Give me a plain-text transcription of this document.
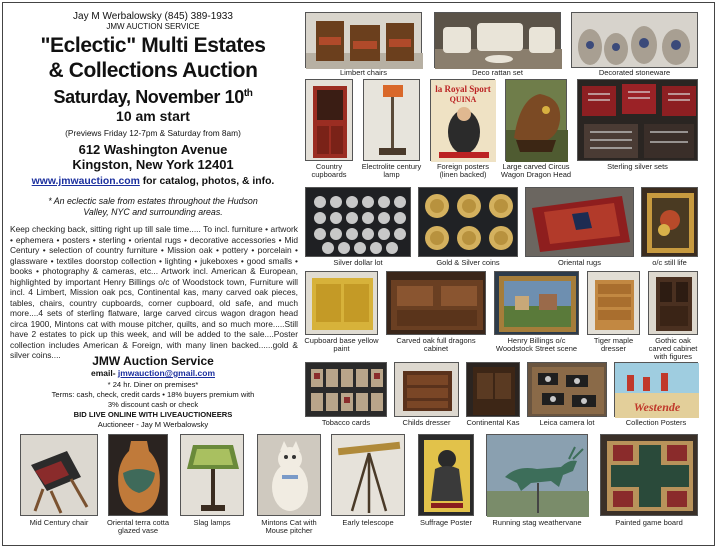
Jay M Werbalowsky (845) 389-1933
JMW AUCTION SERVICE
"Eclectic" Multi Estates
& Collections Auction
Saturday, November 10th
10 am start
(Previews Friday 12-7pm & Saturday from 8am)
612 Washington Avenue
Kingston, New York 12401
www.jmwauction.com for catalog, photos, & info.
* An eclectic sale from estates throughout the Hudson
Valley, NYC and surrounding areas.
Keep checking back, sitting right up till sale time..... To incl. furniture • artwork • ephemera • posters • sterling • oriental rugs • decorative accessories • Mid Century • selection of country furniture • Mission oak • pottery • porcelain • glassware • textiles doorstop collection • lighting • jukeboxes • good smalls • books • photography & cameras, etc... Artwork incl. American & European, highlighted by important Henry Billings o/c of Woodstock town, Furniture will incl. 4 Limbert, Mission oak pcs, Continental kas, many carved oak pieces, tables, chairs, country cupboards, corner cupboard, old safe, and much more....4 sets of sterling flatware, large carved circus wagon dragon head circa 1900, Mintons cat with mouse pitcher, quilts, and so much more.....Still have 2 estates to pick up this week, and will be added to the sale....Poster collection includes American & Foreign, with many linen backed......gold & silver coins....	JMW Auction Service
email- jmwauction@gmail.com
* 24 hr. Diner on premises*
Terms: cash, check, credit cards • 18% buyers premium with
3% discount cash or check
BID LIVE ONLINE WITH LIVEAUCTIONEERS
Auctioneer - Jay M Werbalowsky
Limbert chairs	Deco rattan set	Decorated stoneware
Country cupboards
Electrolite century lamp
la Royal Sport
QUINA
Foreign posters (linen backed)
Large carved Circus Wagon Dragon Head
Sterling silver sets
Silver dollar lot	Gold & Silver coins	Oriental rugs	o/c still life
Cupboard base yellow paint
Carved oak full dragons cabinet
Henry Billings o/c Woodstock Street scene
Tiger maple dresser
Gothic oak carved cabinet with figures
Tobacco cards	Childs dresser	Continental Kas	Leica camera lot
Westende
Collection Posters
Mid Century chair	Oriental terra cotta glazed vase
Slag lamps	Mintons Cat with Mouse pitcher
Early telescope	Suffrage Poster	Running stag weathervane	Painted game board
